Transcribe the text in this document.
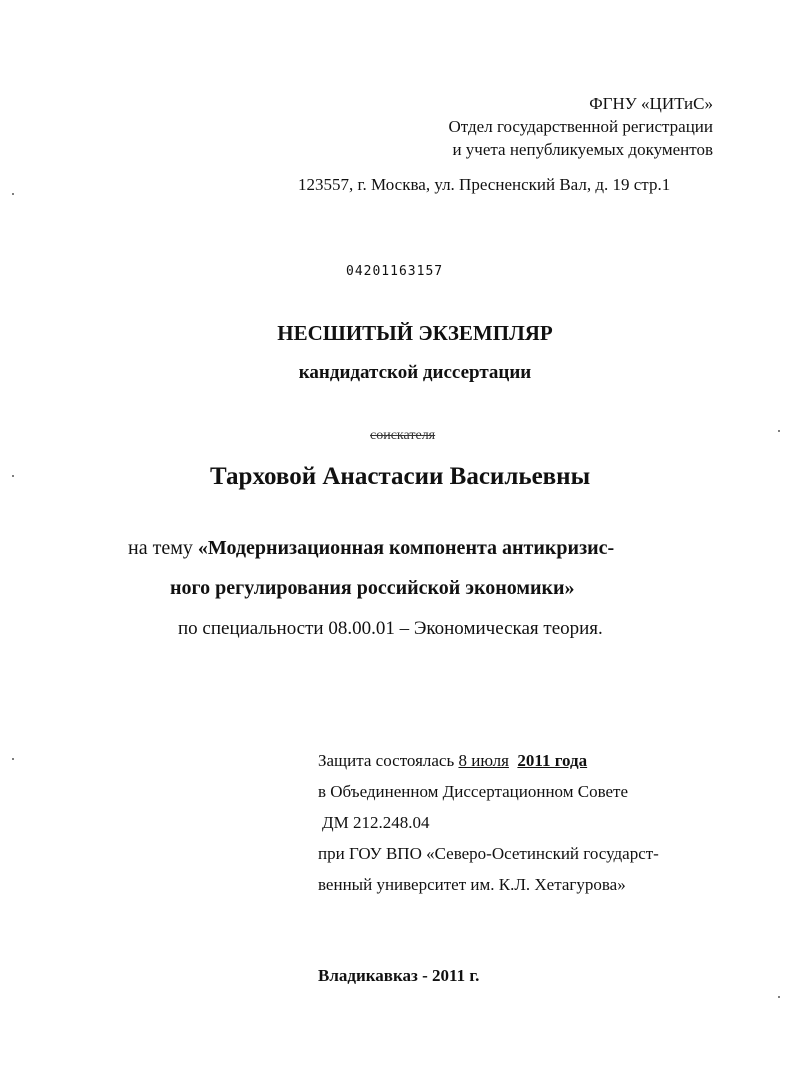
ФГНУ «ЦИТиС»
Отдел государственной регистрации
и учета непубликуемых документов
123557, г. Москва, ул. Пресненский Вал, д. 19 стр.1
04201163157
НЕСШИТЫЙ ЭКЗЕМПЛЯР
кандидатской диссертации
соискателя
Тарховой Анастасии Васильевны
на тему «Модернизационная компонента антикризис-
ного регулирования российской экономики»
по специальности 08.00.01 – Экономическая теория.
Защита состоялась 8 июля 2011 года
в Объединенном Диссертационном Совете
ДМ 212.248.04
при ГОУ ВПО «Северо-Осетинский государст-
венный университет им. К.Л. Хетагурова»
Владикавказ - 2011 г.
